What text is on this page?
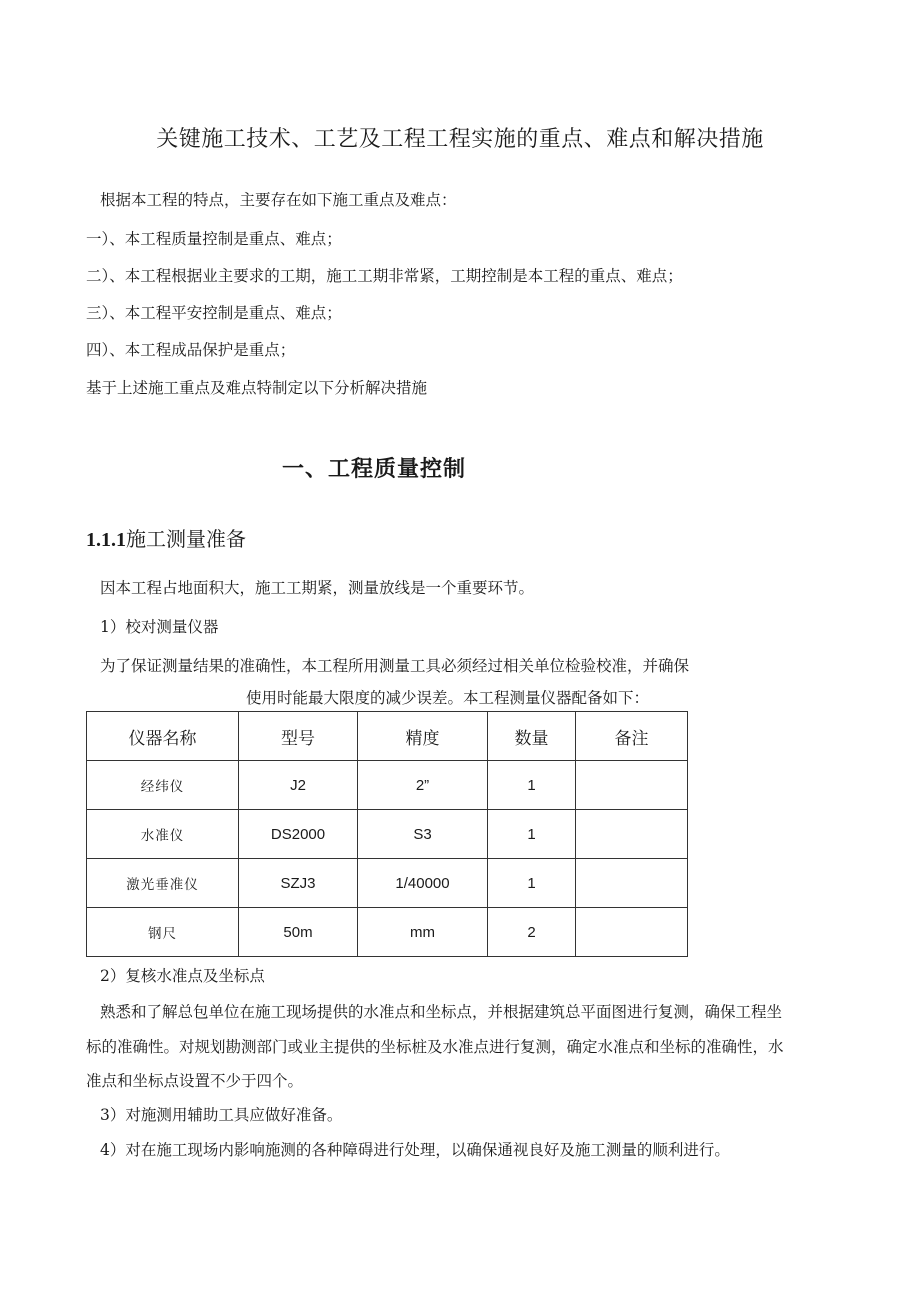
关键施工技术、工艺及工程工程实施的重点、难点和解决措施
根据本工程的特点，主要存在如下施工重点及难点：
一）、本工程质量控制是重点、难点；
二）、本工程根据业主要求的工期，施工工期非常紧，工期控制是本工程的重点、难点；
三）、本工程平安控制是重点、难点；
四）、本工程成品保护是重点；
基于上述施工重点及难点特制定以下分析解决措施
一、工程质量控制
1.1.1施工测量准备
因本工程占地面积大，施工工期紧，测量放线是一个重要环节。
1）校对测量仪器
为了保证测量结果的准确性，本工程所用测量工具必须经过相关单位检验校准，并确保
使用时能最大限度的减少误差。本工程测量仪器配备如下：
仪器名称	型号	精度	数量	备注
经纬仪	J2	2”	1	
水准仪	DS2000	S3	1	
激光垂准仪	SZJ3	1/40000	1	
钢尺	50m	mm	2	
2）复核水准点及坐标点
熟悉和了解总包单位在施工现场提供的水准点和坐标点，并根据建筑总平面图进行复测，确保工程坐
标的准确性。对规划勘测部门或业主提供的坐标桩及水准点进行复测，确定水准点和坐标的准确性，水
准点和坐标点设置不少于四个。
3）对施测用辅助工具应做好准备。
4）对在施工现场内影响施测的各种障碍进行处理，以确保通视良好及施工测量的顺利进行。
